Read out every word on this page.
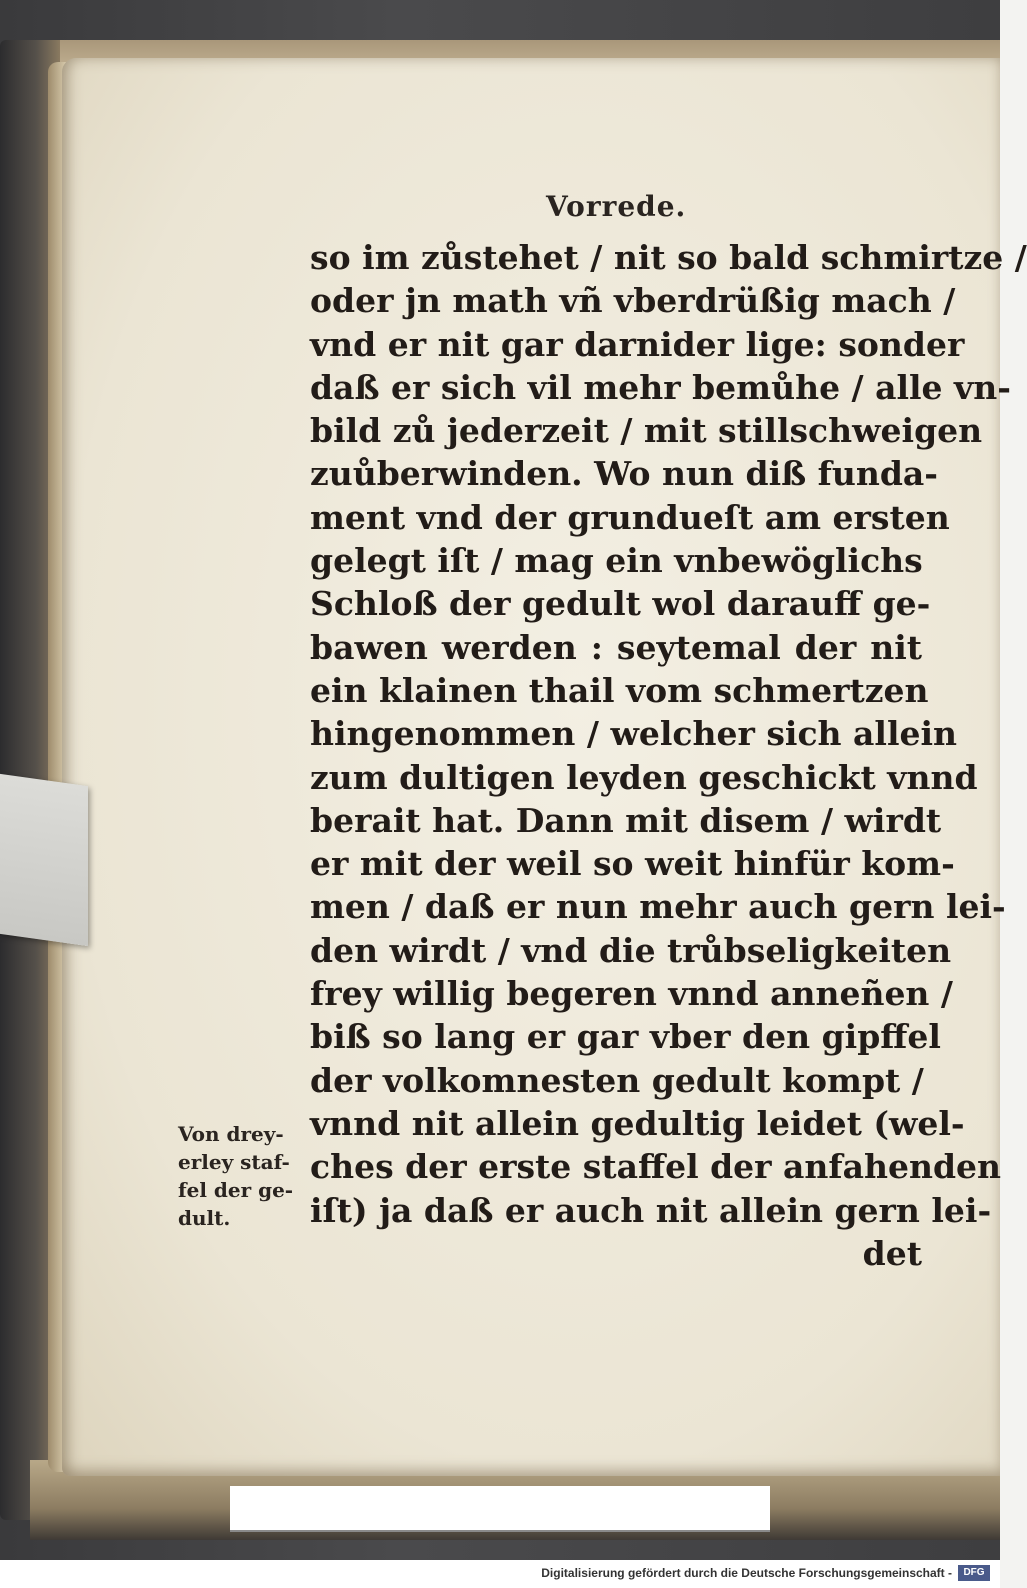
Vorrede.
so im zůstehet / nit so bald schmirtze /
oder jn math vñ vberdrüßig mach /
vnd er nit gar darnider lige: sonder
daß er sich vil mehr bemůhe / alle vn-
bild zů jederzeit / mit stillschweigen
zuůberwinden. Wo nun diß funda-
ment vnd der grundueſt am ersten
gelegt iſt / mag ein vnbewöglichs
Schloß der gedult wol darauff ge-
bawen werden : seytemal der nit
ein klainen thail vom schmertzen
hingenommen / welcher sich allein
zum dultigen leyden geschickt vnnd
berait hat. Dann mit disem / wirdt
er mit der weil so weit hinfür kom-
men / daß er nun mehr auch gern lei-
den wirdt / vnd die trůbseligkeiten
frey willig begeren vnnd anneñen /
biß so lang er gar vber den gipffel
der volkomnesten gedult kompt /
vnnd nit allein gedultig leidet (wel-
ches der erste staffel der anfahenden
iſt) ja daß er auch nit allein gern lei-
det
Von drey-
erley staf-
fel der ge-
dult.
Digitalisierung gefördert durch die Deutsche Forschungsgemeinschaft -	DFG
